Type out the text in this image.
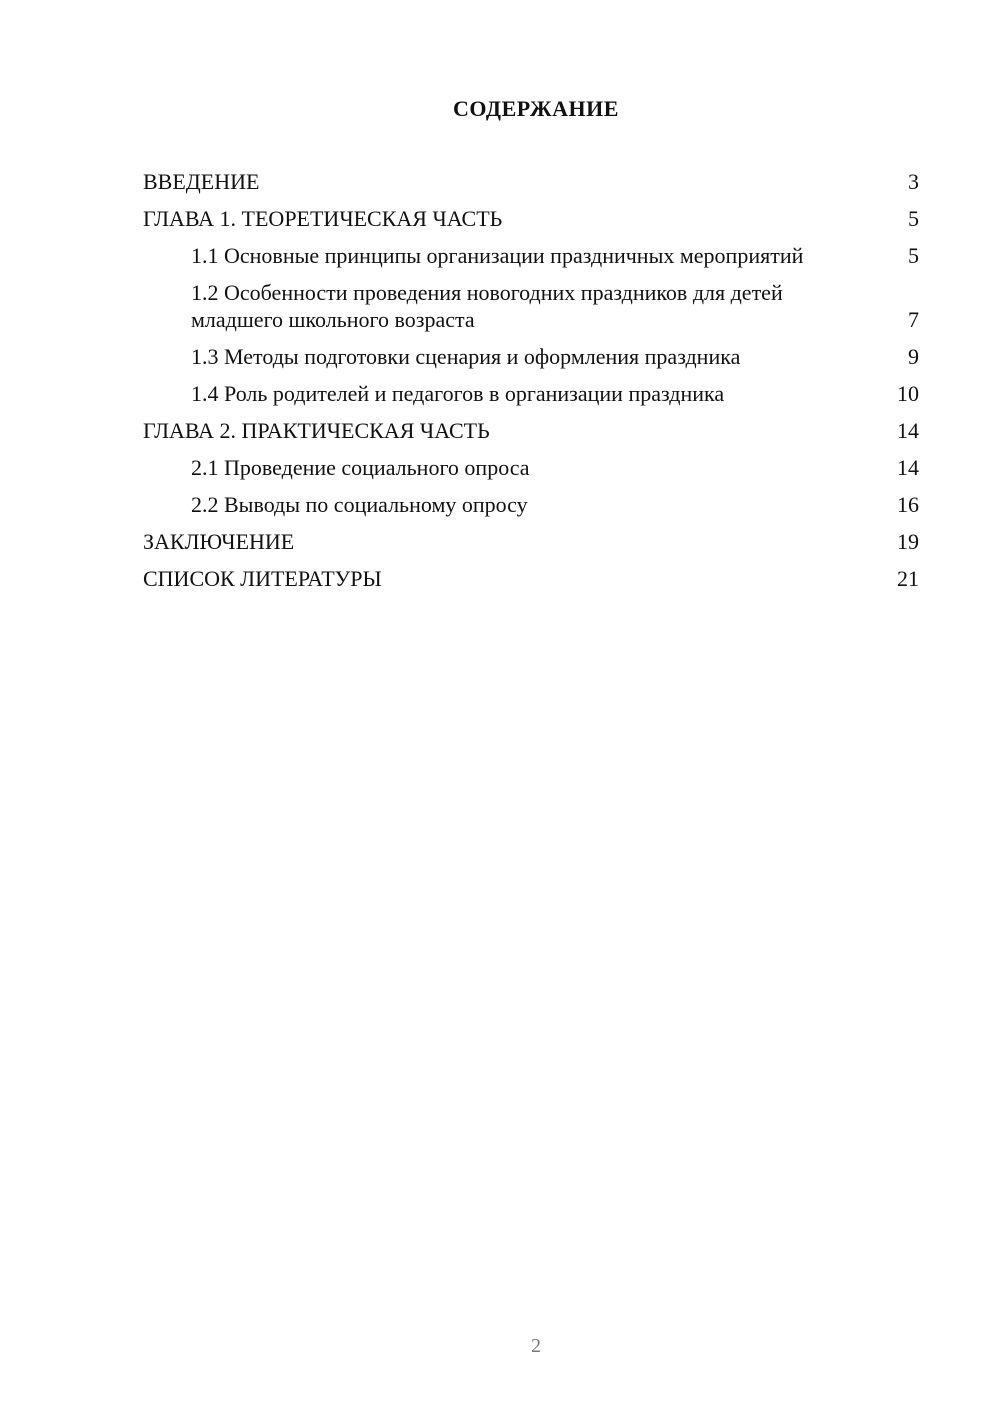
СОДЕРЖАНИЕ
ВВЕДЕНИЕ	3
ГЛАВА 1. ТЕОРЕТИЧЕСКАЯ ЧАСТЬ	5
1.1 Основные принципы организации праздничных мероприятий	5
1.2 Особенности проведения новогодних праздников для детей младшего школьного возраста	7
1.3 Методы подготовки сценария и оформления праздника	9
1.4 Роль родителей и педагогов в организации праздника	10
ГЛАВА 2. ПРАКТИЧЕСКАЯ ЧАСТЬ	14
2.1 Проведение социального опроса	14
2.2 Выводы по социальному опросу	16
ЗАКЛЮЧЕНИЕ	19
СПИСОК ЛИТЕРАТУРЫ	21
2
